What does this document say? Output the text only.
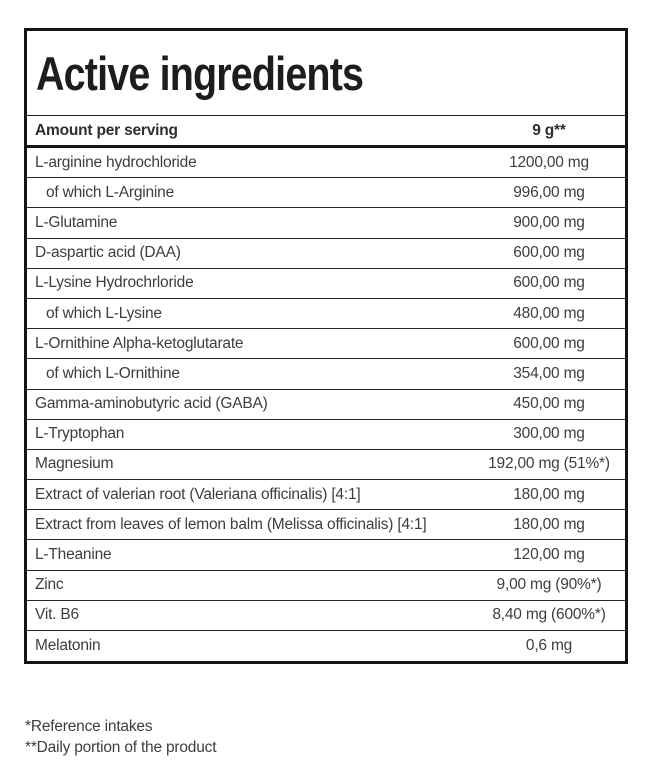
Active ingredients
Amount per serving	9 g**
L-arginine hydrochloride	1200,00 mg
of which L-Arginine	996,00 mg
L-Glutamine	900,00 mg
D-aspartic acid (DAA)	600,00 mg
L-Lysine Hydrochrloride	600,00 mg
of which L-Lysine	480,00 mg
L-Ornithine Alpha-ketoglutarate	600,00 mg
of which L-Ornithine	354,00 mg
Gamma-aminobutyric acid (GABA)	450,00 mg
L-Tryptophan	300,00 mg
Magnesium	192,00 mg (51%*)
Extract of valerian root (Valeriana officinalis) [4:1]	180,00 mg
Extract from leaves of lemon balm (Melissa officinalis) [4:1]	180,00 mg
L-Theanine	120,00 mg
Zinc	9,00 mg (90%*)
Vit. B6	8,40 mg (600%*)
Melatonin	0,6 mg
*Reference intakes
**Daily portion of the product
